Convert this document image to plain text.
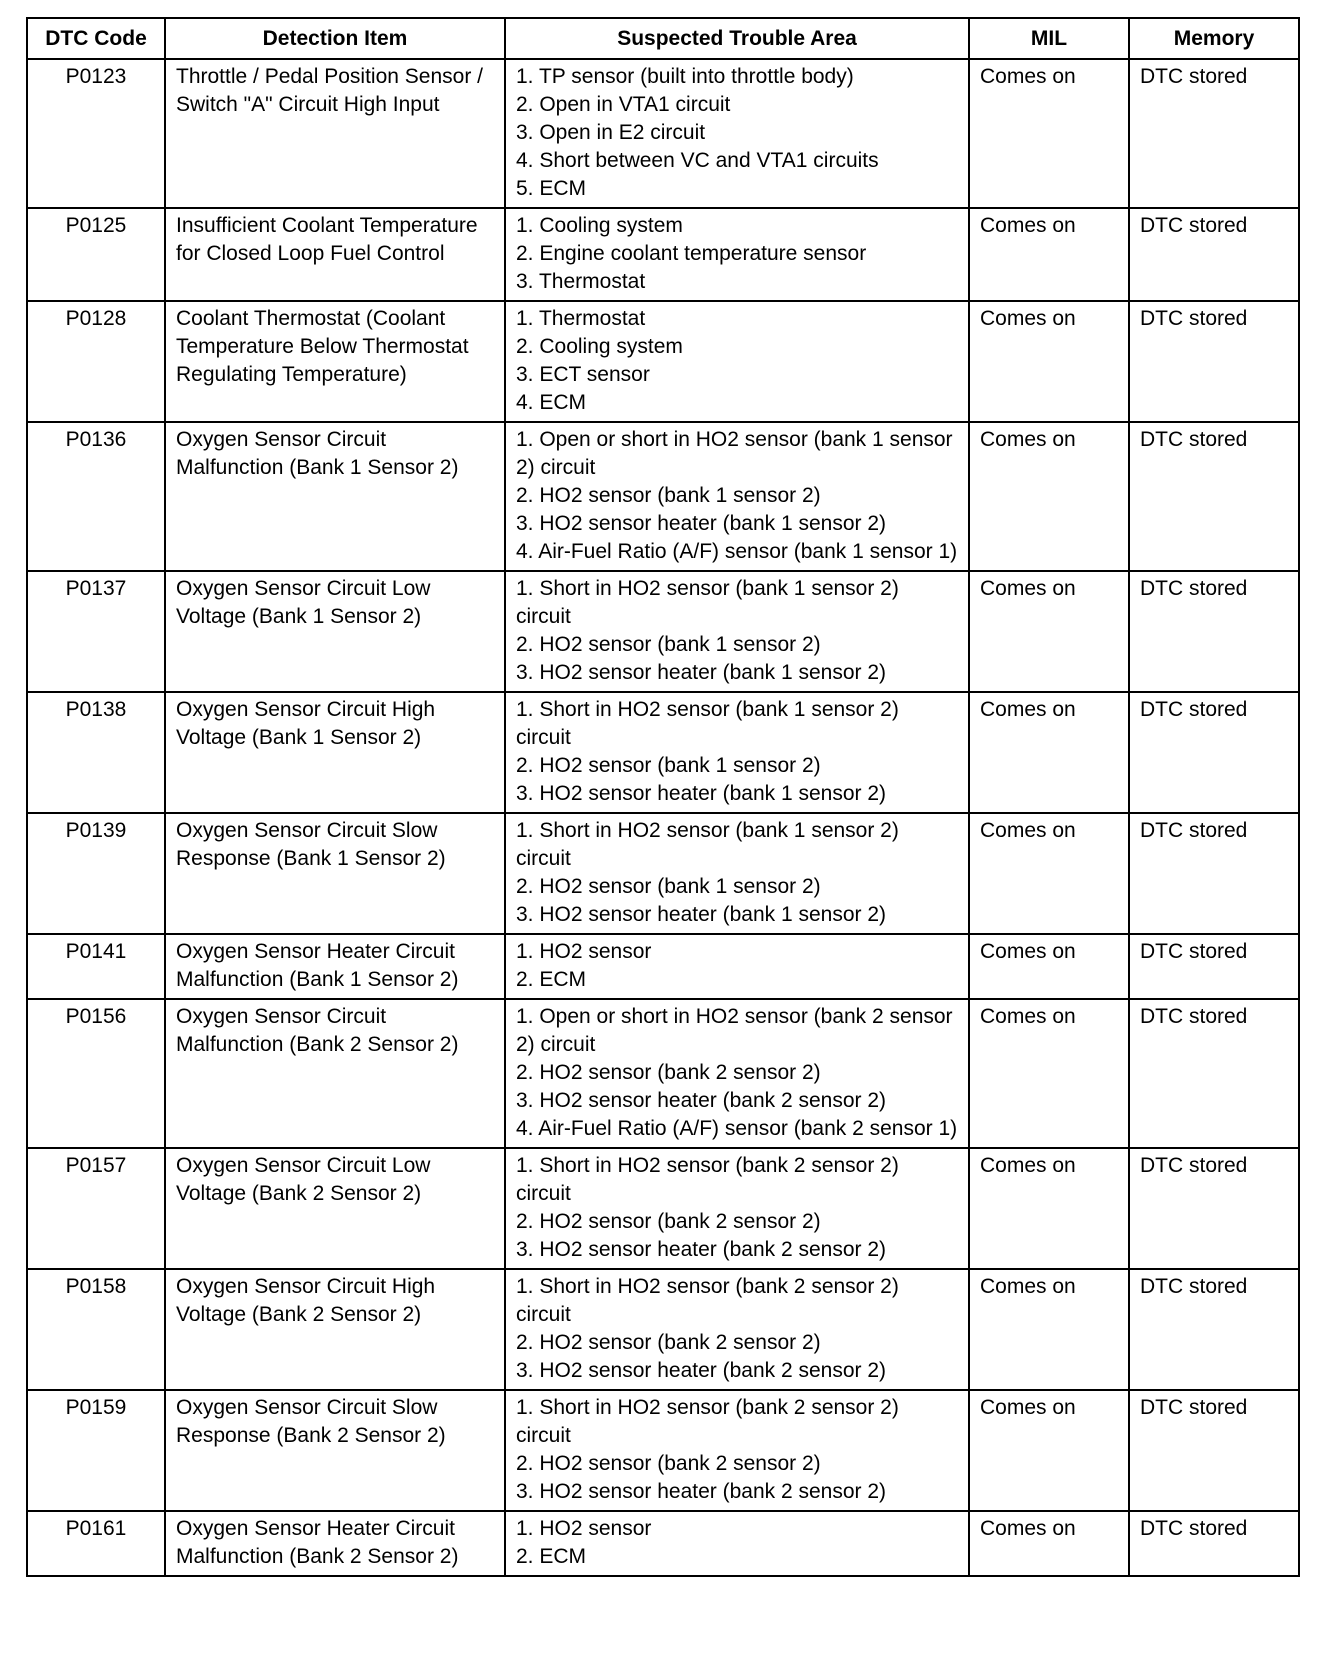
DTC Code	Detection Item	Suspected Trouble Area	MIL	Memory
P0123	Throttle / Pedal Position Sensor / Switch "A" Circuit High Input	1. TP sensor (built into throttle body)
2. Open in VTA1 circuit
3. Open in E2 circuit
4. Short between VC and VTA1 circuits
5. ECM	Comes on	DTC stored
P0125	Insufficient Coolant Temperature for Closed Loop Fuel Control	1. Cooling system
2. Engine coolant temperature sensor
3. Thermostat	Comes on	DTC stored
P0128	Coolant Thermostat (Coolant Temperature Below Thermostat Regulating Temperature)	1. Thermostat
2. Cooling system
3. ECT sensor
4. ECM	Comes on	DTC stored
P0136	Oxygen Sensor Circuit Malfunction (Bank 1 Sensor 2)	1. Open or short in HO2 sensor (bank 1 sensor 2) circuit
2. HO2 sensor (bank 1 sensor 2)
3. HO2 sensor heater (bank 1 sensor 2)
4. Air-Fuel Ratio (A/F) sensor (bank 1 sensor 1)	Comes on	DTC stored
P0137	Oxygen Sensor Circuit Low Voltage (Bank 1 Sensor 2)	1. Short in HO2 sensor (bank 1 sensor 2) circuit
2. HO2 sensor (bank 1 sensor 2)
3. HO2 sensor heater (bank 1 sensor 2)	Comes on	DTC stored
P0138	Oxygen Sensor Circuit High Voltage (Bank 1 Sensor 2)	1. Short in HO2 sensor (bank 1 sensor 2) circuit
2. HO2 sensor (bank 1 sensor 2)
3. HO2 sensor heater (bank 1 sensor 2)	Comes on	DTC stored
P0139	Oxygen Sensor Circuit Slow Response (Bank 1 Sensor 2)	1. Short in HO2 sensor (bank 1 sensor 2) circuit
2. HO2 sensor (bank 1 sensor 2)
3. HO2 sensor heater (bank 1 sensor 2)	Comes on	DTC stored
P0141	Oxygen Sensor Heater Circuit Malfunction (Bank 1 Sensor 2)	1. HO2 sensor
2. ECM	Comes on	DTC stored
P0156	Oxygen Sensor Circuit Malfunction (Bank 2 Sensor 2)	1. Open or short in HO2 sensor (bank 2 sensor 2) circuit
2. HO2 sensor (bank 2 sensor 2)
3. HO2 sensor heater (bank 2 sensor 2)
4. Air-Fuel Ratio (A/F) sensor (bank 2 sensor 1)	Comes on	DTC stored
P0157	Oxygen Sensor Circuit Low Voltage (Bank 2 Sensor 2)	1. Short in HO2 sensor (bank 2 sensor 2) circuit
2. HO2 sensor (bank 2 sensor 2)
3. HO2 sensor heater (bank 2 sensor 2)	Comes on	DTC stored
P0158	Oxygen Sensor Circuit High Voltage (Bank 2 Sensor 2)	1. Short in HO2 sensor (bank 2 sensor 2) circuit
2. HO2 sensor (bank 2 sensor 2)
3. HO2 sensor heater (bank 2 sensor 2)	Comes on	DTC stored
P0159	Oxygen Sensor Circuit Slow Response (Bank 2 Sensor 2)	1. Short in HO2 sensor (bank 2 sensor 2) circuit
2. HO2 sensor (bank 2 sensor 2)
3. HO2 sensor heater (bank 2 sensor 2)	Comes on	DTC stored
P0161	Oxygen Sensor Heater Circuit Malfunction (Bank 2 Sensor 2)	1. HO2 sensor
2. ECM	Comes on	DTC stored
